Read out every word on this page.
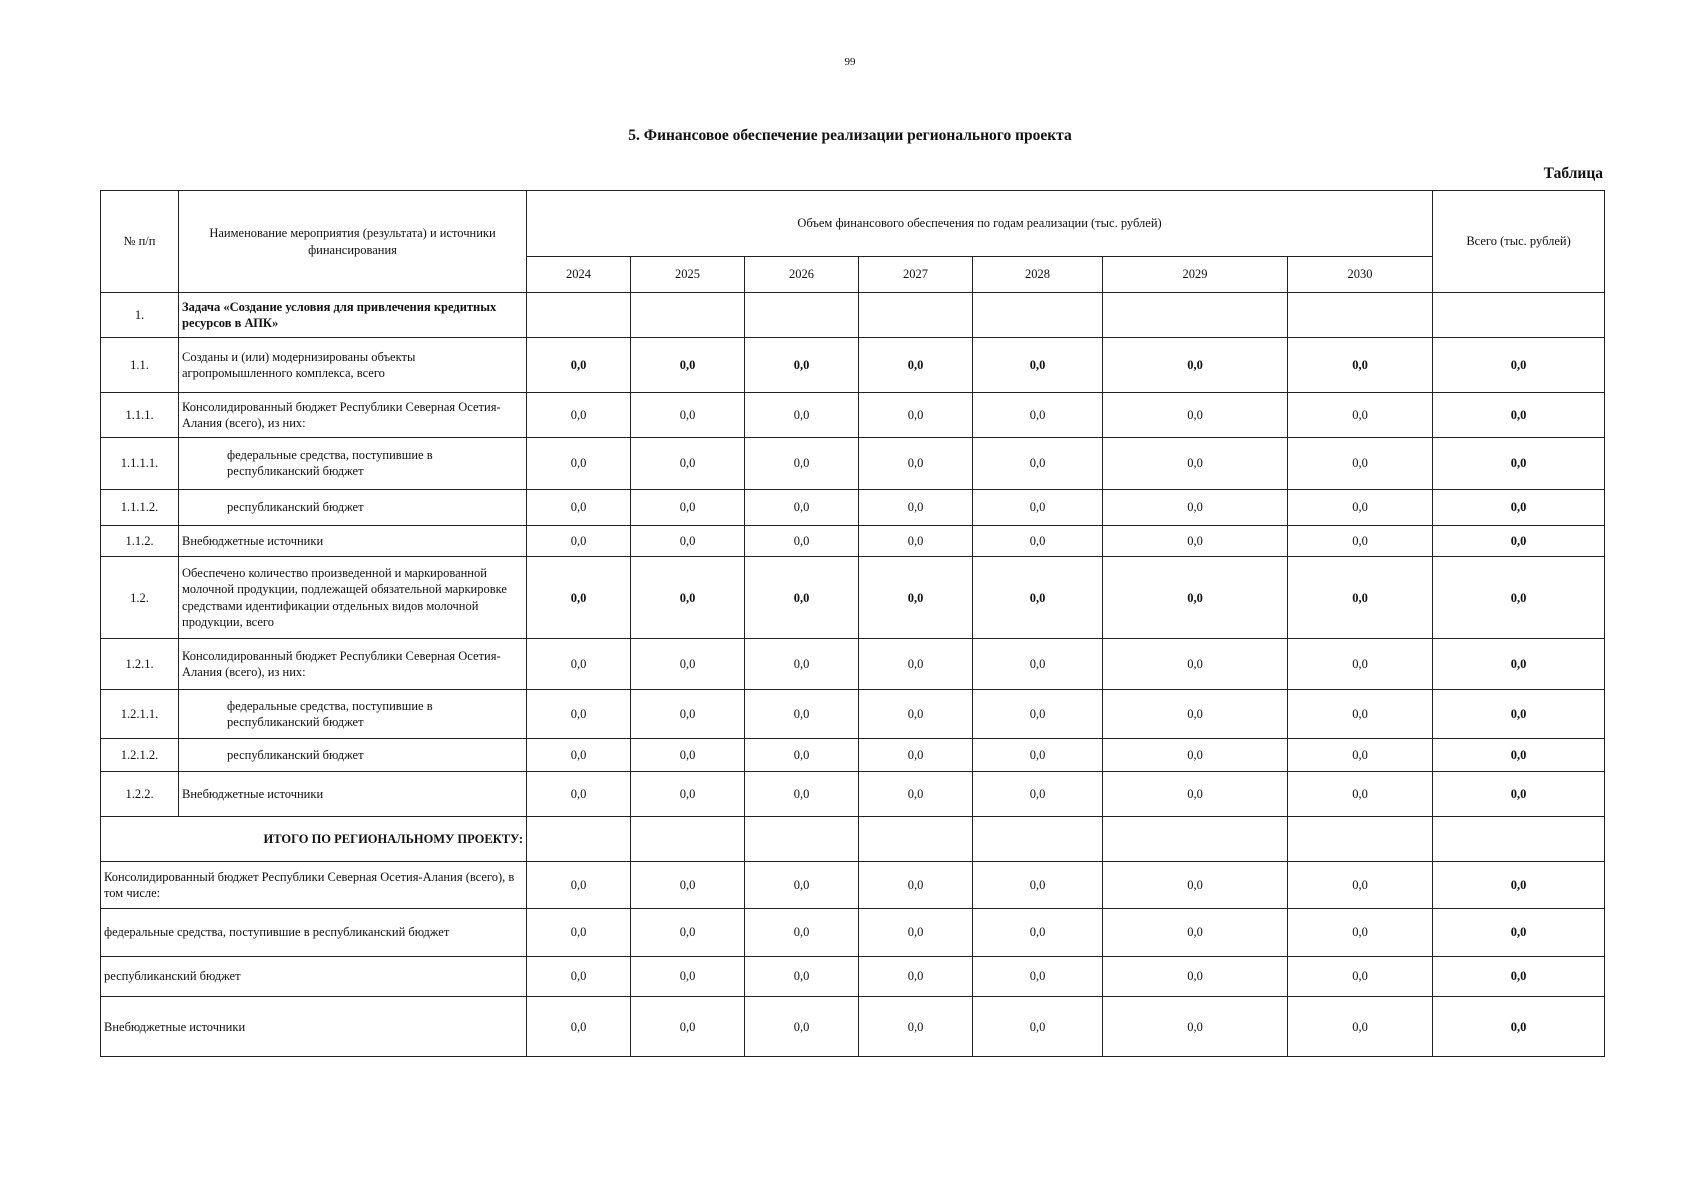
99
5. Финансовое обеспечение реализации регионального проекта
Таблица
№ п/п	Наименование мероприятия (результата) и источники финансирования	Объем финансового обеспечения по годам реализации (тыс. рублей)							Всего (тыс. рублей)
		2024	2025	2026	2027	2028	2029	2030	
1.	Задача «Создание условия для привлечения кредитных ресурсов в АПК»								
1.1.	Созданы и (или) модернизированы объекты агропромышленного комплекса, всего	0,0	0,0	0,0	0,0	0,0	0,0	0,0	0,0
1.1.1.	Консолидированный бюджет Республики Северная Осетия-Алания (всего), из них:	0,0	0,0	0,0	0,0	0,0	0,0	0,0	0,0
1.1.1.1.	федеральные средства, поступившие в республиканский бюджет	0,0	0,0	0,0	0,0	0,0	0,0	0,0	0,0
1.1.1.2.	республиканский бюджет	0,0	0,0	0,0	0,0	0,0	0,0	0,0	0,0
1.1.2.	Внебюджетные источники	0,0	0,0	0,0	0,0	0,0	0,0	0,0	0,0
1.2.	Обеспечено количество произведенной и маркированной молочной продукции, подлежащей обязательной маркировке средствами идентификации отдельных видов молочной продукции, всего	0,0	0,0	0,0	0,0	0,0	0,0	0,0	0,0
1.2.1.	Консолидированный бюджет Республики Северная Осетия-Алания (всего), из них:	0,0	0,0	0,0	0,0	0,0	0,0	0,0	0,0
1.2.1.1.	федеральные средства, поступившие в республиканский бюджет	0,0	0,0	0,0	0,0	0,0	0,0	0,0	0,0
1.2.1.2.	республиканский бюджет	0,0	0,0	0,0	0,0	0,0	0,0	0,0	0,0
1.2.2.	Внебюджетные источники	0,0	0,0	0,0	0,0	0,0	0,0	0,0	0,0
ИТОГО ПО РЕГИОНАЛЬНОМУ ПРОЕКТУ:									
Консолидированный бюджет Республики Северная Осетия-Алания (всего), в том числе:		0,0	0,0	0,0	0,0	0,0	0,0	0,0	0,0
федеральные средства, поступившие в республиканский бюджет		0,0	0,0	0,0	0,0	0,0	0,0	0,0	0,0
республиканский бюджет		0,0	0,0	0,0	0,0	0,0	0,0	0,0	0,0
Внебюджетные источники		0,0	0,0	0,0	0,0	0,0	0,0	0,0	0,0
